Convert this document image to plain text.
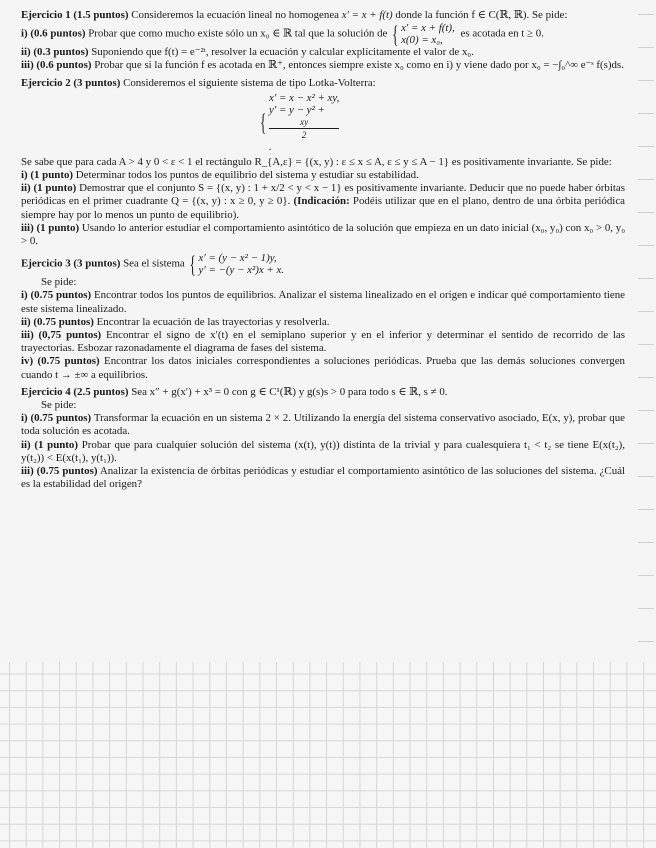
Ejercicio 1 (1.5 puntos) Consideremos la ecuación lineal no homogenea x′ = x + f(t) donde la función f ∈ C(ℝ, ℝ). Se pide:

i) (0.6 puntos) Probar que como mucho existe sólo un x₀ ∈ ℝ tal que la solución de { x′ = x + f(t),
x(0) = x₀,
es acotada en t ≥ 0.

ii) (0.3 puntos) Suponiendo que f(t) = e⁻²ᵗ, resolver la ecuación y calcular explícitamente el valor de x₀.

iii) (0.6 puntos) Probar que si la función f es acotada en ℝ⁺, entonces siempre existe x₀ como en i) y viene dado por x₀ = −∫₀^∞ e⁻ˢ f(s)ds.

Ejercicio 2 (3 puntos) Consideremos el siguiente sistema de tipo Lotka-Volterra:

{ x′ = x − x² + xy,
y′ = y − y² +
xy
2
.

Se sabe que para cada A > 4 y 0 < ε < 1 el rectángulo R_{A,ε} = {(x, y) : ε ≤ x ≤ A, ε ≤ y ≤ A − 1} es positivamente invariante. Se pide:

i) (1 punto) Determinar todos los puntos de equilibrio del sistema y estudiar su estabilidad.

ii) (1 punto) Demostrar que el conjunto S = {(x, y) : 1 + x/2 < y < x − 1} es positivamente invariante. Deducir que no puede haber órbitas periódicas en el primer cuadrante Q = {(x, y) : x ≥ 0, y ≥ 0}. (Indicación: Podéis utilizar que en el plano, dentro de una órbita periódica siempre hay por lo menos un punto de equilibrio).

iii) (1 punto) Usando lo anterior estudiar el comportamiento asintótico de la solución que empieza en un dato inicial (x₀, y₀) con x₀ > 0, y₀ > 0.

Ejercicio 3 (3 puntos) Sea el sistema { x′ = (y − x² − 1)y,
y′ = −(y − x²)x + x.

Se pide:

i) (0.75 puntos) Encontrar todos los puntos de equilibrios. Analizar el sistema linealizado en el origen e indicar qué comportamiento tiene este sistema linealizado.

ii) (0.75 puntos) Encontrar la ecuación de las trayectorias y resolverla.

iii) (0,75 puntos) Encontrar el signo de x′(t) en el semiplano superior y en el inferior y determinar el sentido de recorrido de las trayectorias. Esbozar razonadamente el diagrama de fases del sistema.

iv) (0.75 puntos) Encontrar los datos iniciales correspondientes a soluciones periódicas. Prueba que las demás soluciones convergen cuando t → ±∞ a equilibrios.

Ejercicio 4 (2.5 puntos) Sea x″ + g(x′) + x³ = 0 con g ∈ C¹(ℝ) y g(s)s > 0 para todo s ∈ ℝ, s ≠ 0.

Se pide:

i) (0.75 puntos) Transformar la ecuación en un sistema 2 × 2. Utilizando la energía del sistema conservativo asociado, E(x, y), probar que toda solución es acotada.

ii) (1 punto) Probar que para cualquier solución del sistema (x(t), y(t)) distinta de la trivial y para cualesquiera t₁ < t₂ se tiene E(x(t₂), y(t₂)) < E(x(t₁), y(t₁)).

iii) (0.75 puntos) Analizar la existencia de órbitas periódicas y estudiar el comportamiento asintótico de las soluciones del sistema. ¿Cuál es la estabilidad del origen?
